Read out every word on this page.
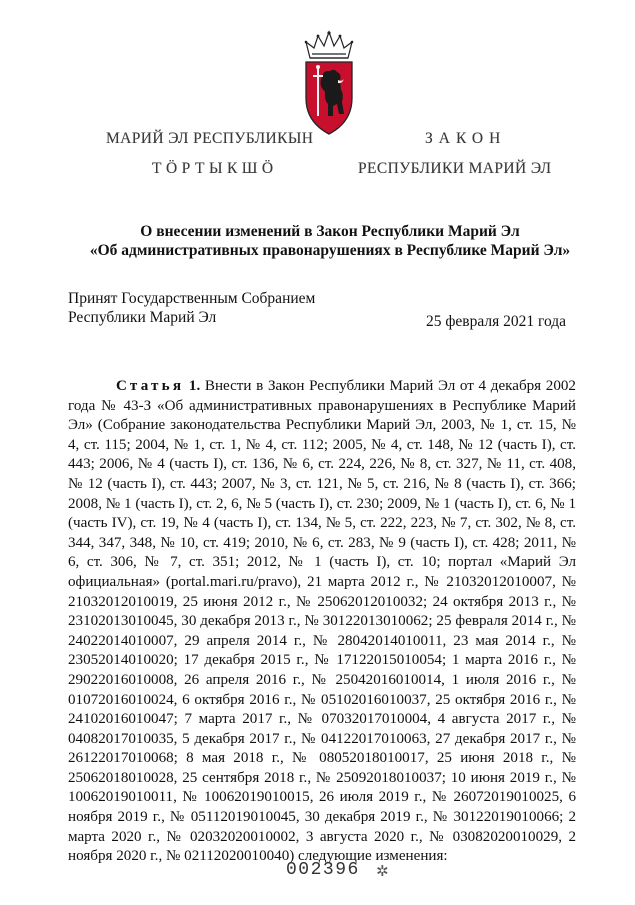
МАРИЙ ЭЛ РЕСПУБЛИКЫН
ТӦРТЫКШӦ
ЗАКОН
РЕСПУБЛИКИ МАРИЙ ЭЛ
О внесении изменений в Закон Республики Марий Эл
«Об административных правонарушениях в Республике Марий Эл»
Принят Государственным Собранием
Республики Марий Эл	25 февраля 2021 года
Статья 1. Внести в Закон Республики Марий Эл от 4 декабря 2002 года № 43-З «Об административных правонарушениях в Республике Марий Эл» (Собрание законодательства Республики Марий Эл, 2003, № 1, ст. 15, № 4, ст. 115; 2004, № 1, ст. 1, № 4, ст. 112; 2005, № 4, ст. 148, № 12 (часть I), ст. 443; 2006, № 4 (часть I), ст. 136, № 6, ст. 224, 226, № 8, ст. 327, № 11, ст. 408, № 12 (часть I), ст. 443; 2007, № 3, ст. 121, № 5, ст. 216, № 8 (часть I), ст. 366; 2008, № 1 (часть I), ст. 2, 6, № 5 (часть I), ст. 230; 2009, № 1 (часть I), ст. 6, № 1 (часть IV), ст. 19, № 4 (часть I), ст. 134, № 5, ст. 222, 223, № 7, ст. 302, № 8, ст. 344, 347, 348, № 10, ст. 419; 2010, № 6, ст. 283, № 9 (часть I), ст. 428; 2011, № 6, ст. 306, № 7, ст. 351; 2012, № 1 (часть I), ст. 10; портал «Марий Эл официальная» (portal.mari.ru/pravo), 21 марта 2012 г., № 21032012010007, № 21032012010019, 25 июня 2012 г., № 25062012010032; 24 октября 2013 г., № 23102013010045, 30 декабря 2013 г., № 30122013010062; 25 февраля 2014 г., № 24022014010007, 29 апреля 2014 г., № 28042014010011, 23 мая 2014 г., № 23052014010020; 17 декабря 2015 г., № 17122015010054; 1 марта 2016 г., № 29022016010008, 26 апреля 2016 г., № 25042016010014, 1 июля 2016 г., № 01072016010024, 6 октября 2016 г., № 05102016010037, 25 октября 2016 г., № 24102016010047; 7 марта 2017 г., № 07032017010004, 4 августа 2017 г., № 04082017010035, 5 декабря 2017 г., № 04122017010063, 27 декабря 2017 г., № 26122017010068; 8 мая 2018 г., № 08052018010017, 25 июня 2018 г., № 25062018010028, 25 сентября 2018 г., № 25092018010037; 10 июня 2019 г., № 10062019010011, № 10062019010015, 26 июля 2019 г., № 26072019010025, 6 ноября 2019 г., № 05112019010045, 30 декабря 2019 г., № 30122019010066; 2 марта 2020 г., № 02032020010002, 3 августа 2020 г., № 03082020010029, 2 ноября 2020 г., № 02112020010040) следующие изменения:
002396 ✲
